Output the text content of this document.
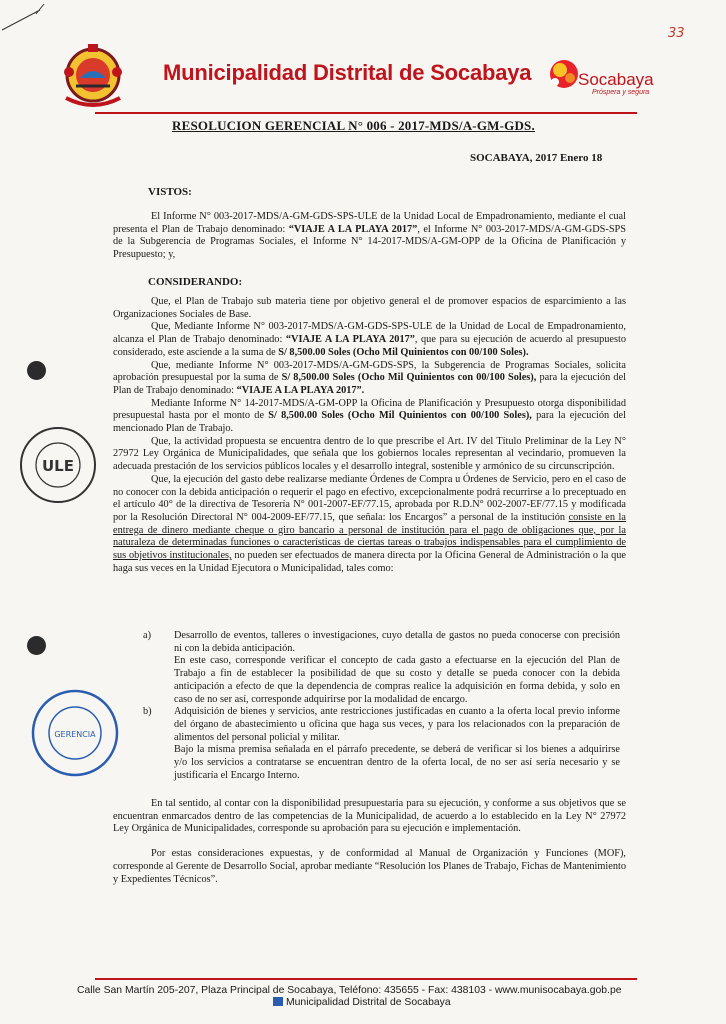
33
Municipalidad Distrital de Socabaya	Socabaya
Próspera y segura
RESOLUCION GERENCIAL N° 006 - 2017-MDS/A-GM-GDS.
SOCABAYA, 2017 Enero 18
VISTOS:

El Informe N° 003-2017-MDS/A-GM-GDS-SPS-ULE de la Unidad Local de Empadronamiento, mediante el cual presenta el Plan de Trabajo denominado: “VIAJE A LA PLAYA 2017”, el Informe N° 003-2017-MDS/A-GM-GDS-SPS de la Subgerencia de Programas Sociales, el Informe N° 14-2017-MDS/A-GM-OPP de la Oficina de Planificación y Presupuesto; y,

CONSIDERANDO:

Que, el Plan de Trabajo sub materia tiene por objetivo general el de promover espacios de esparcimiento a las Organizaciones Sociales de Base.

Que, Mediante Informe N° 003-2017-MDS/A-GM-GDS-SPS-ULE de la Unidad de Local de Empadronamiento, alcanza el Plan de Trabajo denominado: “VIAJE A LA PLAYA 2017”, que para su ejecución de acuerdo al presupuesto considerado, este asciende a la suma de S/ 8,500.00 Soles (Ocho Mil Quinientos con 00/100 Soles).

Que, mediante Informe N° 003-2017-MDS/A-GM-GDS-SPS, la Subgerencia de Programas Sociales, solicita aprobación presupuestal por la suma de S/ 8,500.00 Soles (Ocho Mil Quinientos con 00/100 Soles), para la ejecución del Plan de Trabajo denominado: “VIAJE A LA PLAYA 2017”.

Mediante Informe N° 14-2017-MDS/A-GM-OPP la Oficina de Planificación y Presupuesto otorga disponibilidad presupuestal hasta por el monto de S/ 8,500.00 Soles (Ocho Mil Quinientos con 00/100 Soles), para la ejecución del mencionado Plan de Trabajo.

Que, la actividad propuesta se encuentra dentro de lo que prescribe el Art. IV del Título Preliminar de la Ley N° 27972 Ley Orgánica de Municipalidades, que señala que los gobiernos locales representan al vecindario, promueven la adecuada prestación de los servicios públicos locales y el desarrollo integral, sostenible y armónico de su circunscripción.

Que, la ejecución del gasto debe realizarse mediante Órdenes de Compra u Órdenes de Servicio, pero en el caso de no conocer con la debida anticipación o requerir el pago en efectivo, excepcionalmente podrá recurrirse a lo preceptuado en el artículo 40° de la directiva de Tesorería N° 001-2007-EF/77.15, aprobada por R.D.N° 002-2007-EF/77.15 y modificada por la Resolución Directoral N° 004-2009-EF/77.15, que señala: los Encargos” a personal de la institución consiste en la entrega de dinero mediante cheque o giro bancario a personal de institución para el pago de obligaciones que, por la naturaleza de determinadas funciones o características de ciertas tareas o trabajos indispensables para el cumplimiento de sus objetivos institucionales, no pueden ser efectuados de manera directa por la Oficina General de Administración o la que haga sus veces en la Unidad Ejecutora o Municipalidad, tales como:

a) Desarrollo de eventos, talleres o investigaciones, cuyo detalla de gastos no pueda conocerse con precisión ni con la debida anticipación.
En este caso, corresponde verificar el concepto de cada gasto a efectuarse en la ejecución del Plan de Trabajo a fin de establecer la posibilidad de que su costo y detalle se pueda conocer con la debida anticipación a efecto de que la dependencia de compras realice la adquisición en forma debida, y solo en caso de no ser así, corresponde adquirirse por la modalidad de encargo.
b) Adquisición de bienes y servicios, ante restricciones justificadas en cuanto a la oferta local previo informe del órgano de abastecimiento u oficina que haga sus veces, y para los relacionados con la preparación de alimentos del personal policial y militar.
Bajo la misma premisa señalada en el párrafo precedente, se deberá de verificar si los bienes a adquirirse y/o los servicios a contratarse se encuentran dentro de la oferta local, de no ser así sería necesario y se justificaría el Encargo Interno.

En tal sentido, al contar con la disponibilidad presupuestaria para su ejecución, y conforme a sus objetivos que se encuentran enmarcados dentro de las competencias de la Municipalidad, de acuerdo a lo establecido en la Ley N° 27972 Ley Orgánica de Municipalidades, corresponde su aprobación para su ejecución e implementación.

Por estas consideraciones expuestas, y de conformidad al Manual de Organización y Funciones (MOF), corresponde al Gerente de Desarrollo Social, aprobar mediante “Resolución los Planes de Trabajo, Fichas de Mantenimiento y Expedientes Técnicos”.

ULE
GERENCIA
Calle San Martín 205-207, Plaza Principal de Socabaya, Teléfono: 435655 - Fax: 438103 - www.munisocabaya.gob.pe
Municipalidad Distrital de Socabaya
